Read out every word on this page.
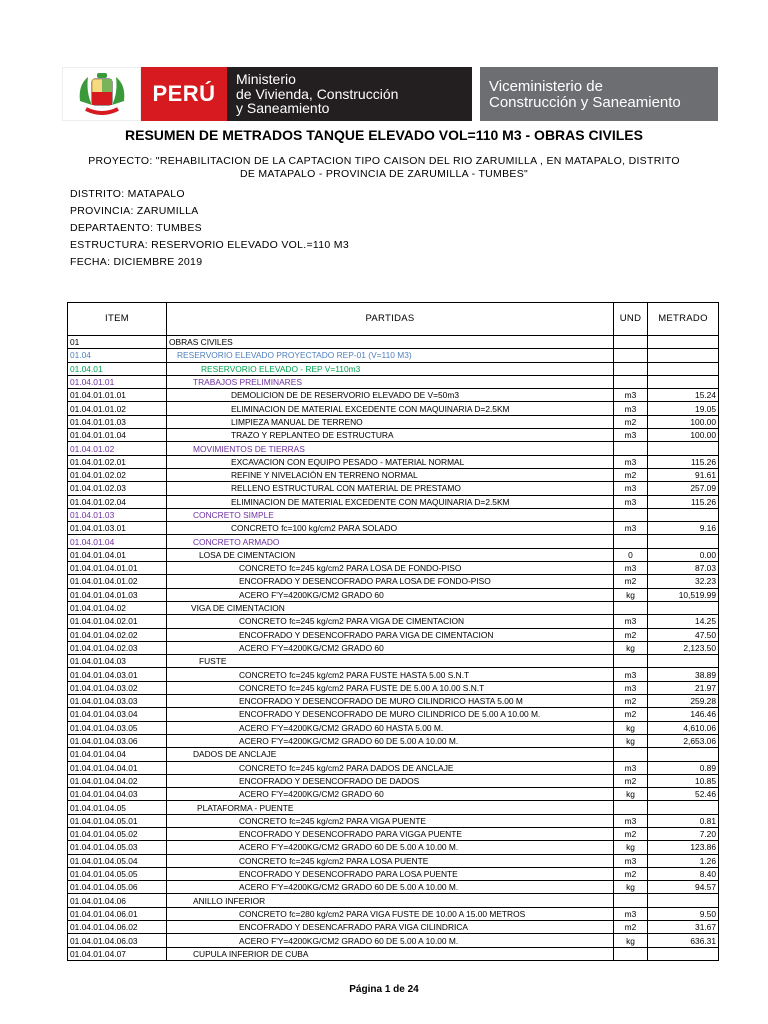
PERÚ
Ministerio
de Vivienda, Construcción
y Saneamiento
Viceministerio de
Construcción y Saneamiento
RESUMEN DE METRADOS TANQUE ELEVADO VOL=110 M3 - OBRAS CIVILES
PROYECTO: "REHABILITACION DE LA CAPTACION TIPO CAISON DEL RIO ZARUMILLA , EN MATAPALO, DISTRITO DE MATAPALO - PROVINCIA DE ZARUMILLA - TUMBES"
DISTRITO: MATAPALO
PROVINCIA: ZARUMILLA
DEPARTAENTO: TUMBES
ESTRUCTURA: RESERVORIO ELEVADO VOL.=110 M3
FECHA: DICIEMBRE 2019
ITEM	PARTIDAS	UND	METRADO
01	OBRAS CIVILES		
01.04	RESERVORIO ELEVADO PROYECTADO REP-01 (V=110 M3)		
01.04.01	RESERVORIO ELEVADO - REP V=110m3		
01.04.01.01	TRABAJOS PRELIMINARES		
01.04.01.01.01	DEMOLICION DE DE RESERVORIO ELEVADO DE V=50m3	m3	15.24
01.04.01.01.02	ELIMINACION DE MATERIAL EXCEDENTE CON MAQUINARIA D=2.5KM	m3	19.05
01.04.01.01.03	LIMPIEZA MANUAL DE TERRENO	m2	100.00
01.04.01.01.04	TRAZO Y REPLANTEO DE ESTRUCTURA	m3	100.00
01.04.01.02	MOVIMIENTOS DE TIERRAS		
01.04.01.02.01	EXCAVACION CON EQUIPO PESADO - MATERIAL NORMAL	m3	115.26
01.04.01.02.02	REFINE Y NIVELACIÓN EN TERRENO NORMAL	m2	91.61
01.04.01.02.03	RELLENO ESTRUCTURAL CON MATERIAL DE PRESTAMO	m3	257.09
01.04.01.02.04	ELIMINACION DE MATERIAL EXCEDENTE CON MAQUINARIA D=2.5KM	m3	115.26
01.04.01.03	CONCRETO SIMPLE		
01.04.01.03.01	CONCRETO fc=100 kg/cm2 PARA SOLADO	m3	9.16
01.04.01.04	CONCRETO ARMADO		
01.04.01.04.01	LOSA DE CIMENTACION	0	0.00
01.04.01.04.01.01	CONCRETO fc=245 kg/cm2 PARA LOSA DE FONDO-PISO	m3	87.03
01.04.01.04.01.02	ENCOFRADO Y DESENCOFRADO PARA LOSA DE FONDO-PISO	m2	32.23
01.04.01.04.01.03	ACERO F'Y=4200KG/CM2 GRADO 60	kg	10,519.99
01.04.01.04.02	VIGA DE CIMENTACION		
01.04.01.04.02.01	CONCRETO fc=245 kg/cm2 PARA VIGA DE CIMENTACION	m3	14.25
01.04.01.04.02.02	ENCOFRADO Y DESENCOFRADO PARA VIGA DE CIMENTACION	m2	47.50
01.04.01.04.02.03	ACERO F'Y=4200KG/CM2 GRADO 60	kg	2,123.50
01.04.01.04.03	FUSTE		
01.04.01.04.03.01	CONCRETO fc=245 kg/cm2 PARA FUSTE HASTA 5.00 S.N.T	m3	38.89
01.04.01.04.03.02	CONCRETO fc=245 kg/cm2 PARA FUSTE DE 5.00 A 10.00 S.N.T	m3	21.97
01.04.01.04.03.03	ENCOFRADO Y DESENCOFRADO DE MURO CILINDRICO HASTA 5.00 M	m2	259.28
01.04.01.04.03.04	ENCOFRADO Y DESENCOFRADO DE MURO CILINDRICO DE 5.00 A 10.00 M.	m2	146.46
01.04.01.04.03.05	ACERO F'Y=4200KG/CM2 GRADO 60 HASTA 5.00 M.	kg	4,610.06
01.04.01.04.03.06	ACERO F'Y=4200KG/CM2 GRADO 60 DE 5.00 A 10.00 M.	kg	2,653.06
01.04.01.04.04	DADOS DE ANCLAJE		
01.04.01.04.04.01	CONCRETO fc=245 kg/cm2 PARA DADOS DE ANCLAJE	m3	0.89
01.04.01.04.04.02	ENCOFRADO Y DESENCOFRADO DE DADOS	m2	10.85
01.04.01.04.04.03	ACERO F'Y=4200KG/CM2 GRADO 60	kg	52.46
01.04.01.04.05	PLATAFORMA - PUENTE		
01.04.01.04.05.01	CONCRETO fc=245 kg/cm2 PARA VIGA PUENTE	m3	0.81
01.04.01.04.05.02	ENCOFRADO Y DESENCOFRADO PARA VIGGA PUENTE	m2	7.20
01.04.01.04.05.03	ACERO F'Y=4200KG/CM2 GRADO 60 DE 5.00 A 10.00 M.	kg	123.86
01.04.01.04.05.04	CONCRETO fc=245 kg/cm2 PARA LOSA PUENTE	m3	1.26
01.04.01.04.05.05	ENCOFRADO Y DESENCOFRADO PARA LOSA PUENTE	m2	8.40
01.04.01.04.05.06	ACERO F'Y=4200KG/CM2 GRADO 60 DE 5.00 A 10.00 M.	kg	94.57
01.04.01.04.06	ANILLO INFERIOR		
01.04.01.04.06.01	CONCRETO fc=280 kg/cm2 PARA VIGA FUSTE DE 10.00 A 15.00 METROS	m3	9.50
01.04.01.04.06.02	ENCOFRADO Y DESENCAFRADO PARA VIGA CILINDRICA	m2	31.67
01.04.01.04.06.03	ACERO F'Y=4200KG/CM2 GRADO 60 DE 5.00 A 10.00 M.	kg	636.31
01.04.01.04.07	CUPULA INFERIOR DE CUBA		
Página 1 de 24
